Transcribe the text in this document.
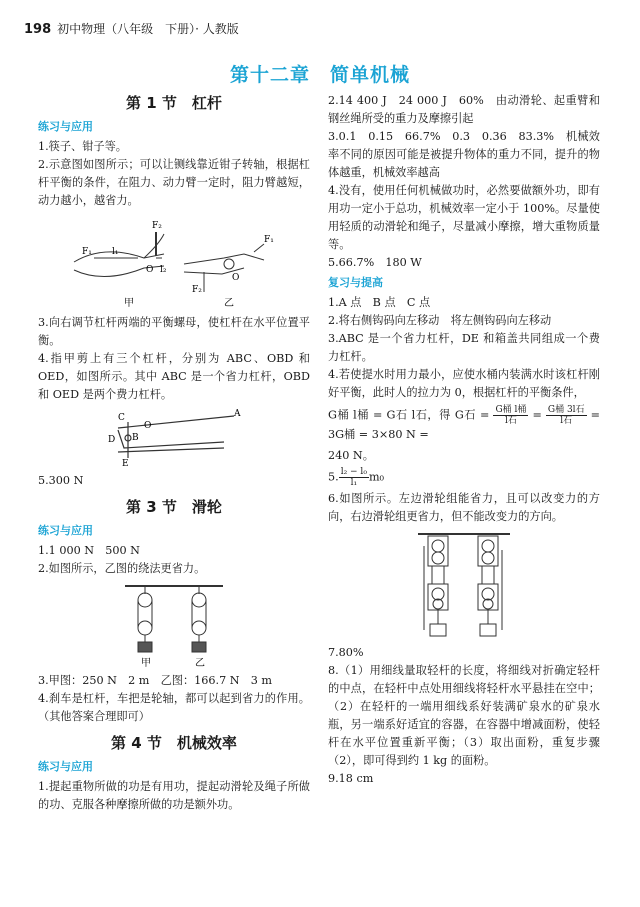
198 初中物理（八年级　下册）· 人教版
第十二章　简单机械
第 1 节　杠杆
练习与应用

1.筷子、钳子等。

2.示意图如图所示；可以让铡线靠近钳子转轴，根据杠杆平衡的条件，在阻力、动力臂一定时，阻力臂越短，动力越小，越省力。

F₂
F₁ l₁
l₂
O
F₁
F₂
O
甲	乙

3.向右调节杠杆两端的平衡螺母，使杠杆在水平位置平衡。

4.指甲剪上有三个杠杆，分别为 ABC、OBD 和 OED，如图所示。其中 ABC 是一个省力杠杆，OBD 和 OED 是两个费力杠杆。

A
B
C
D
E
O

5.300 N

第 3 节　滑轮
练习与应用

1.1 000 N　500 N

2.如图所示，乙图的绕法更省力。

甲	乙

3.甲图：250 N　2 m　乙图：166.7 N　3 m

4.刹车是杠杆，车把是轮轴，都可以起到省力的作用。（其他答案合理即可）

第 4 节　机械效率
练习与应用

1.提起重物所做的功是有用功，提起动滑轮及绳子所做的功、克服各种摩擦所做的功是额外功。

2.14 400 J　24 000 J　60%　由动滑轮、起重臂和钢丝绳所受的重力及摩擦引起

3.0.1　0.15　66.7%　0.3　0.36　83.3%　机械效率不同的原因可能是被提升物体的重力不同，提升的物体越重，机械效率越高

4.没有，使用任何机械做功时，必然要做额外功，即有用功一定小于总功，机械效率一定小于 100%。尽量使用轻质的动滑轮和绳子，尽量减小摩擦，增大重物质量等。

5.66.7%　180 W

复习与提高

1.A 点　B 点　C 点

2.将右侧钩码向左移动　将左侧钩码向左移动

3.ABC 是一个省力杠杆，DE 和箱盖共同组成一个费力杠杆。

4.若使提水时用力最小，应使水桶内装满水时该杠杆刚好平衡，此时人的拉力为 0，根据杠杆的平衡条件，

G桶 l桶 = G石 l石，得 G石 = $\frac{\text{G桶 l桶}}{\text{l石}} = \frac{\text{G桶 3l石}}{\text{l石}} = 3G$桶 = 3×80 N =

240 N。

5. $\frac{\text{l₂ − l₀}}{\text{l₁}} m_0$

6.如图所示。左边滑轮组能省力，且可以改变力的方向，右边滑轮组更省力，但不能改变力的方向。

7.80%

8.（1）用细线量取轻杆的长度，将细线对折确定轻杆的中点，在轻杆中点处用细线将轻杆水平悬挂在空中；（2）在轻杆的一端用细线系好装满矿泉水的矿泉水瓶，另一端系好适宜的容器，在容器中增减面粉，使轻杆在水平位置重新平衡；（3）取出面粉，重复步骤（2），即可得到约 1 kg 的面粉。

9.18 cm
